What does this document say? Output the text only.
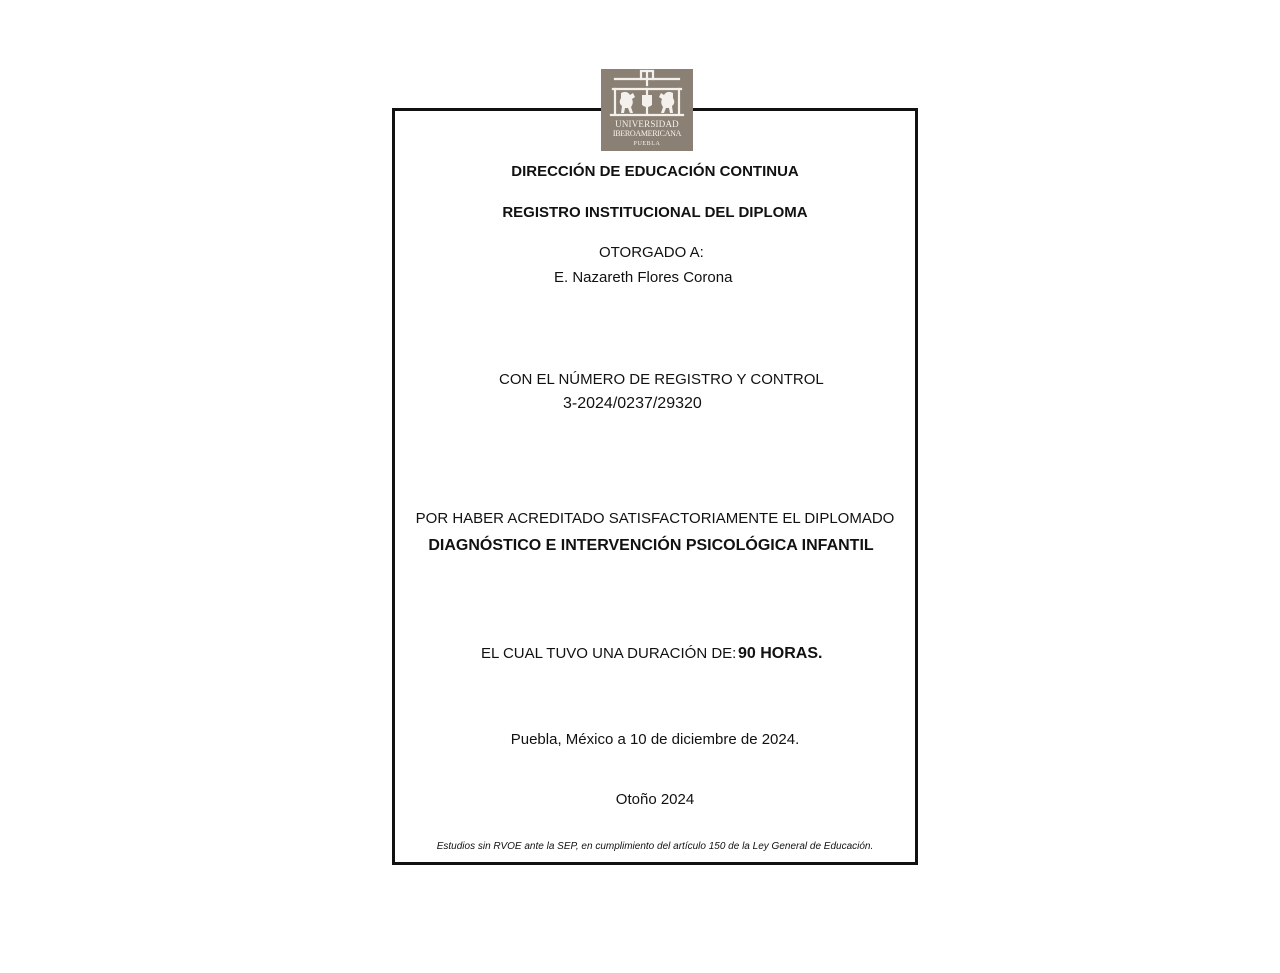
UNIVERSIDAD
IBEROAMERICANA
PUEBLA
DIRECCIÓN DE EDUCACIÓN CONTINUA
REGISTRO INSTITUCIONAL DEL DIPLOMA
OTORGADO A:
E. Nazareth Flores Corona
CON EL NÚMERO DE REGISTRO Y CONTROL
3-2024/0237/29320
POR HABER ACREDITADO SATISFACTORIAMENTE EL DIPLOMADO
DIAGNÓSTICO E INTERVENCIÓN PSICOLÓGICA INFANTIL
EL CUAL TUVO UNA DURACIÓN DE: 90 HORAS.
Puebla, México a 10 de diciembre de 2024.
Otoño 2024
Estudios sin RVOE ante la SEP, en cumplimiento del artículo 150 de la Ley General de Educación.
